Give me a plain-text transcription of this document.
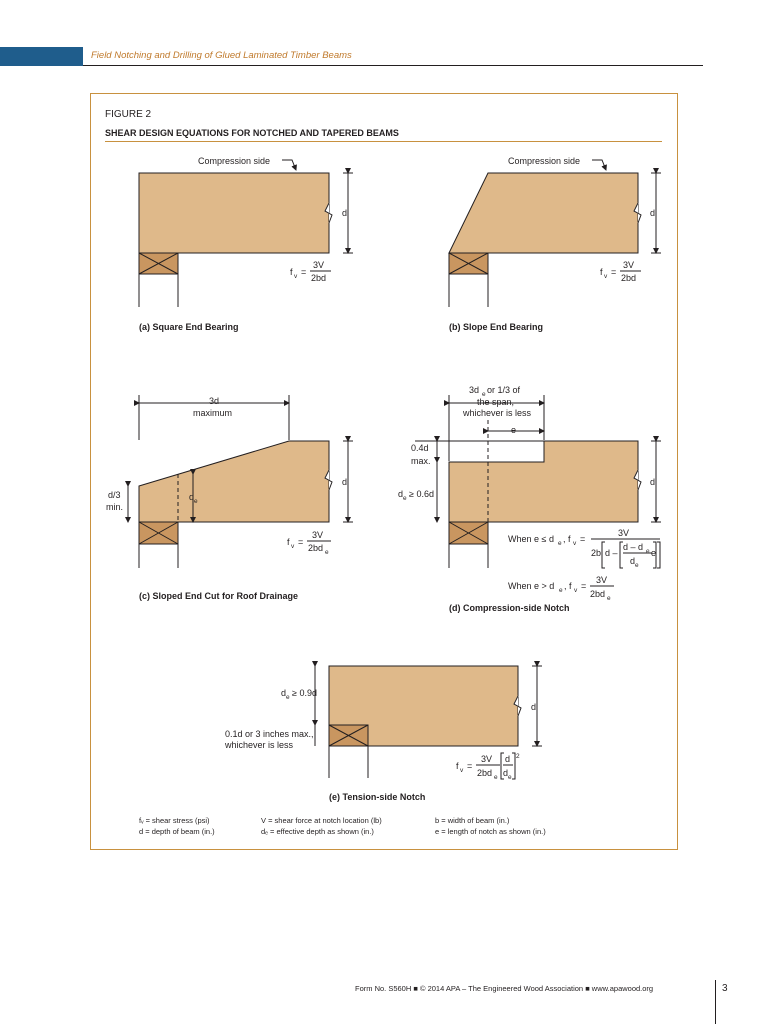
Field Notching and Drilling of Glued Laminated Timber Beams
FIGURE 2
SHEAR DESIGN EQUATIONS FOR NOTCHED AND TAPERED BEAMS
Compression side
d
f v =
3V
2bd
(a) Square End Bearing
Compression side
d
f v =
3V
2bd
(b) Slope End Bearing
3d
maximum
d/3
min.
d e
d
f v =
3V
2bd e
(c) Sloped End Cut for Roof Drainage
3d e or 1/3 of
the span,
whichever is less
e
0.4d
max.
d e ≥ 0.6d
d
When e ≤ d e , f v =
3V
2b d –
d – d e
d e
e
When e > d e , f v =
3V
2bd e
(d) Compression-side Notch
d e ≥ 0.9d
0.1d or 3 inches max.,
whichever is less
d
f v =
3V
2bd e
d
d e
2
(e) Tension-side Notch
fᵥ = shear stress (psi)
d = depth of beam (in.)
V = shear force at notch location (lb)
dₑ = effective depth as shown (in.)
b = width of beam (in.)
e = length of notch as shown (in.)
Form No. S560H ■ © 2014 APA – The Engineered Wood Association ■ www.apawood.org	3
